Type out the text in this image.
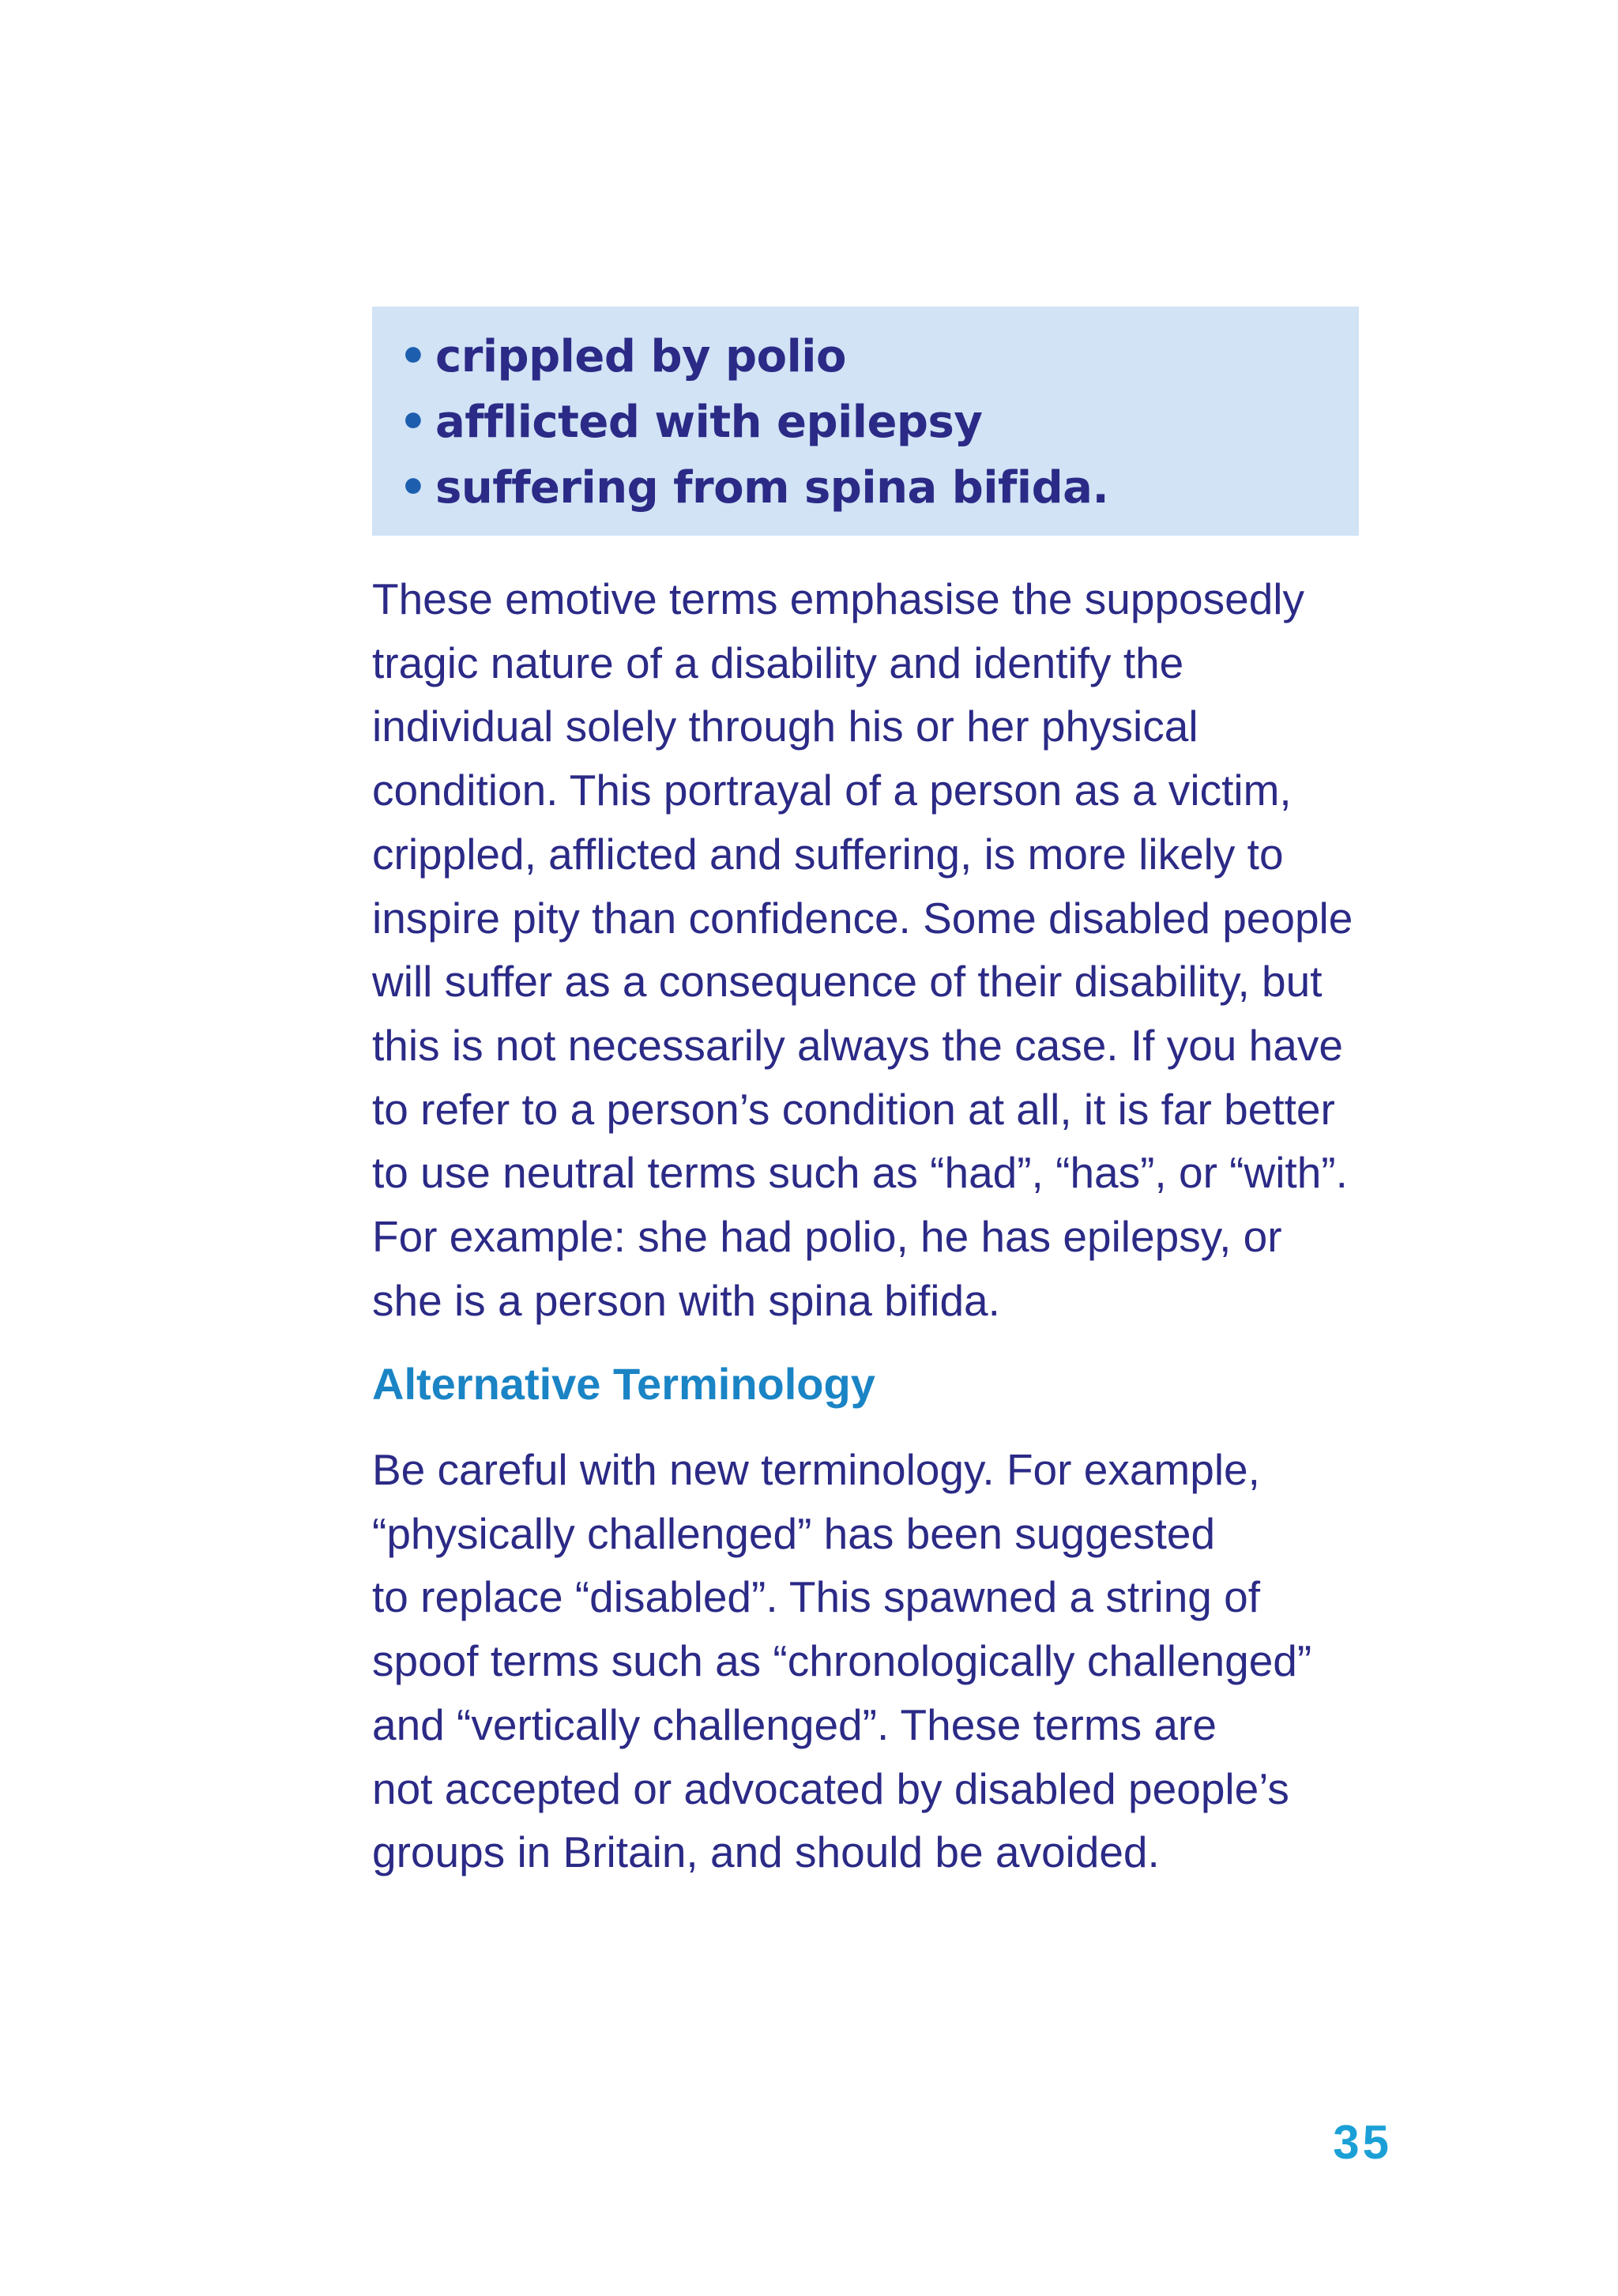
• crippled by polio
• afflicted with epilepsy
• suffering from spina bifida.

These emotive terms emphasise the supposedly
tragic nature of a disability and identify the
individual solely through his or her physical
condition. This portrayal of a person as a victim,
crippled, afflicted and suffering, is more likely to
inspire pity than confidence. Some disabled people
will suffer as a consequence of their disability, but
this is not necessarily always the case. If you have
to refer to a person’s condition at all, it is far better
to use neutral terms such as “had”, “has”, or “with”.
For example: she had polio, he has epilepsy, or
she is a person with spina bifida.

Alternative Terminology

Be careful with new terminology. For example,
“physically challenged” has been suggested
to replace “disabled”. This spawned a string of
spoof terms such as “chronologically challenged”
and “vertically challenged”. These terms are
not accepted or advocated by disabled people’s
groups in Britain, and should be avoided.

35
